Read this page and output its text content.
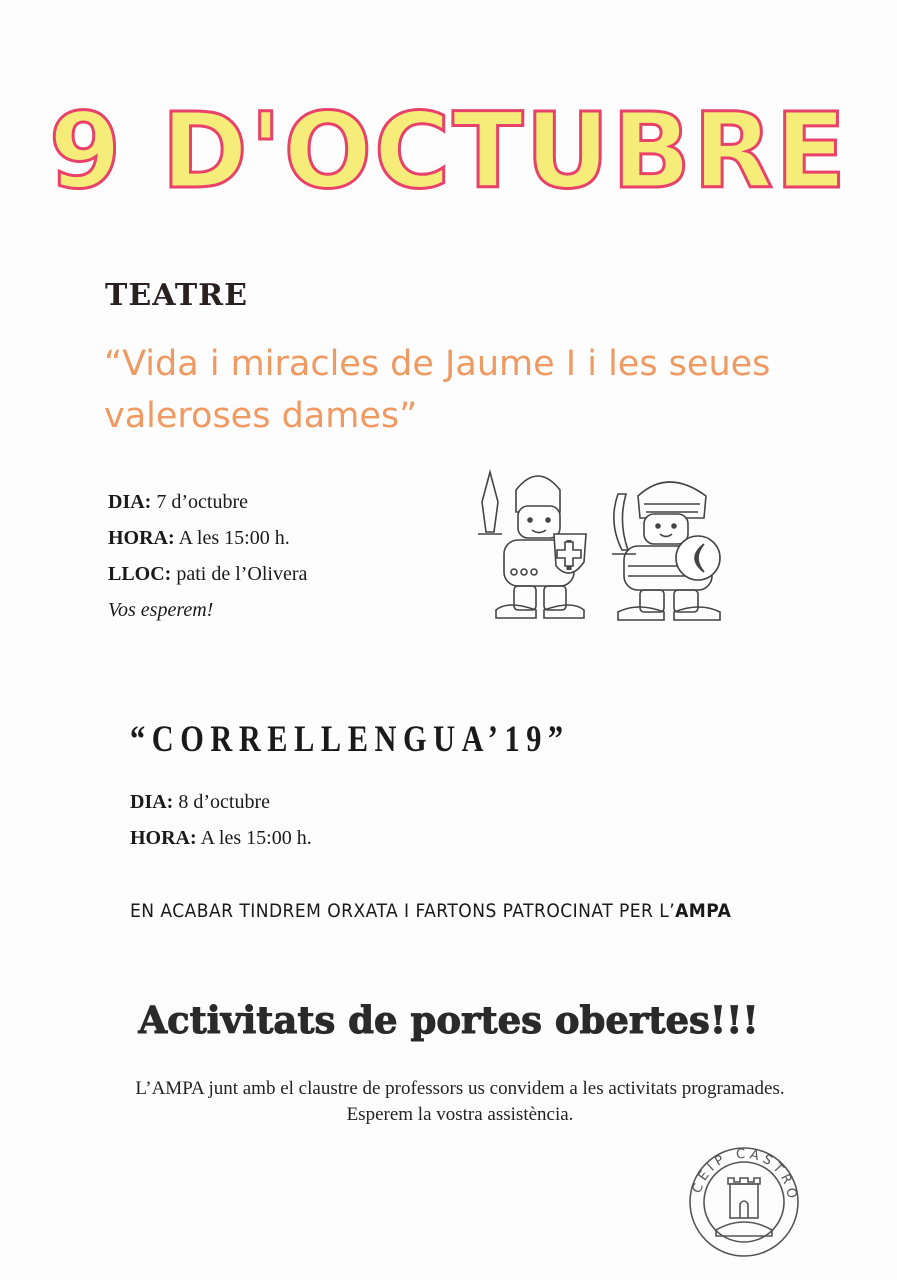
9 D'OCTUBRE
TEATRE
“Vida i miracles de Jaume I i les seues
valeroses dames”
DIA: 7 d’octubre
HORA: A les 15:00 h.
LLOC: pati de l’Olivera
Vos esperem!
“CORRELLENGUA’19”
DIA: 8 d’octubre
HORA: A les 15:00 h.
EN ACABAR TINDREM ORXATA I FARTONS PATROCINAT PER L’AMPA
Activitats de portes obertes!!!
L’AMPA junt amb el claustre de professors us convidem a les activitats programades.
Esperem la vostra assistència.
CEIP CASTRO
